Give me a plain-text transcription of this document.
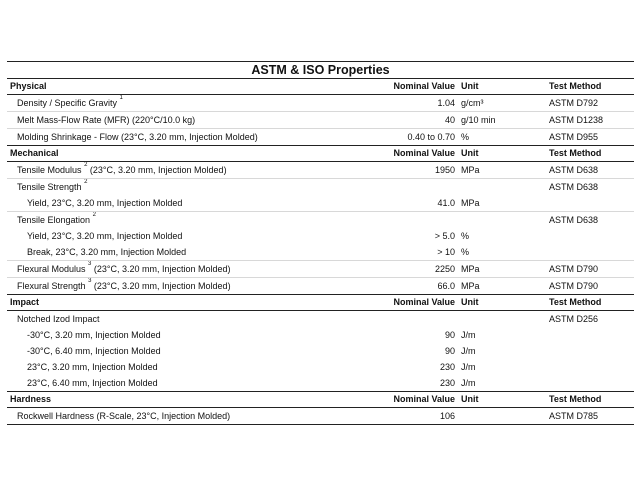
ASTM & ISO Properties
Physical	Nominal Value	Unit	Test Method
Density / Specific Gravity $^1$	1.04	g/cm³	ASTM D792
Melt Mass-Flow Rate (MFR) (220°C/10.0 kg)	40	g/10 min	ASTM D1238
Molding Shrinkage - Flow (23°C, 3.20 mm, Injection Molded)	0.40 to 0.70	%	ASTM D955
Mechanical	Nominal Value	Unit	Test Method
Tensile Modulus $^2$ (23°C, 3.20 mm, Injection Molded)	1950	MPa	ASTM D638
Tensile Strength $^2$			ASTM D638
Yield, 23°C, 3.20 mm, Injection Molded	41.0	MPa	
Tensile Elongation $^2$			ASTM D638
Yield, 23°C, 3.20 mm, Injection Molded	> 5.0	%	
Break, 23°C, 3.20 mm, Injection Molded	> 10	%	
Flexural Modulus $^3$ (23°C, 3.20 mm, Injection Molded)	2250	MPa	ASTM D790
Flexural Strength $^3$ (23°C, 3.20 mm, Injection Molded)	66.0	MPa	ASTM D790
Impact	Nominal Value	Unit	Test Method
Notched Izod Impact			ASTM D256
-30°C, 3.20 mm, Injection Molded	90	J/m	
-30°C, 6.40 mm, Injection Molded	90	J/m	
23°C, 3.20 mm, Injection Molded	230	J/m	
23°C, 6.40 mm, Injection Molded	230	J/m	
Hardness	Nominal Value	Unit	Test Method
Rockwell Hardness (R-Scale, 23°C, Injection Molded)	106		ASTM D785
